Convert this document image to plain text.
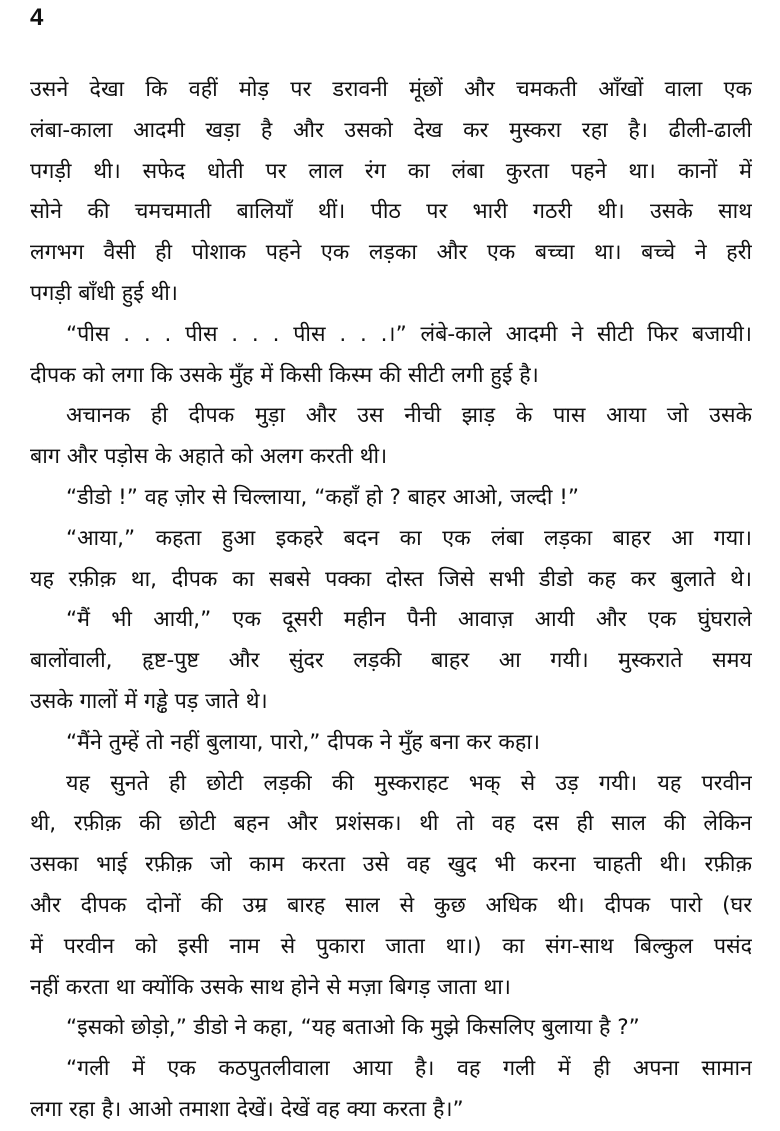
4
उसने देखा कि वहीं मोड़ पर डरावनी मूंछों और चमकती आँखों वाला एक
लंबा-काला आदमी खड़ा है और उसको देख कर मुस्करा रहा है। ढीली-ढाली
पगड़ी थी। सफेद धोती पर लाल रंग का लंबा कुरता पहने था। कानों में
सोने की चमचमाती बालियाँ थीं। पीठ पर भारी गठरी थी। उसके साथ
लगभग वैसी ही पोशाक पहने एक लड़का और एक बच्चा था। बच्चे ने हरी
पगड़ी बाँधी हुई थी।
“पीस . . . पीस . . . पीस . . .।” लंबे-काले आदमी ने सीटी फिर बजायी।
दीपक को लगा कि उसके मुँह में किसी किस्म की सीटी लगी हुई है।
अचानक ही दीपक मुड़ा और उस नीची झाड़ के पास आया जो उसके
बाग और पड़ोस के अहाते को अलग करती थी।
“डीडो !” वह ज़ोर से चिल्लाया, “कहाँ हो ? बाहर आओ, जल्दी !”
“आया,” कहता हुआ इकहरे बदन का एक लंबा लड़का बाहर आ गया।
यह रफ़ीक़ था, दीपक का सबसे पक्का दोस्त जिसे सभी डीडो कह कर बुलाते थे।
“मैं भी आयी,” एक दूसरी महीन पैनी आवाज़ आयी और एक घुंघराले
बालोंवाली, हृष्ट-पुष्ट और सुंदर लड़की बाहर आ गयी। मुस्कराते समय
उसके गालों में गड्ढे पड़ जाते थे।
“मैंने तुम्हें तो नहीं बुलाया, पारो,” दीपक ने मुँह बना कर कहा।
यह सुनते ही छोटी लड़की की मुस्कराहट भक् से उड़ गयी। यह परवीन
थी, रफ़ीक़ की छोटी बहन और प्रशंसक। थी तो वह दस ही साल की लेकिन
उसका भाई रफ़ीक़ जो काम करता उसे वह खुद भी करना चाहती थी। रफ़ीक़
और दीपक दोनों की उम्र बारह साल से कुछ अधिक थी। दीपक पारो (घर
में परवीन को इसी नाम से पुकारा जाता था।) का संग-साथ बिल्कुल पसंद
नहीं करता था क्योंकि उसके साथ होने से मज़ा बिगड़ जाता था।
“इसको छोड़ो,” डीडो ने कहा, “यह बताओ कि मुझे किसलिए बुलाया है ?”
“गली में एक कठपुतलीवाला आया है। वह गली में ही अपना सामान
लगा रहा है। आओ तमाशा देखें। देखें वह क्या करता है।”
